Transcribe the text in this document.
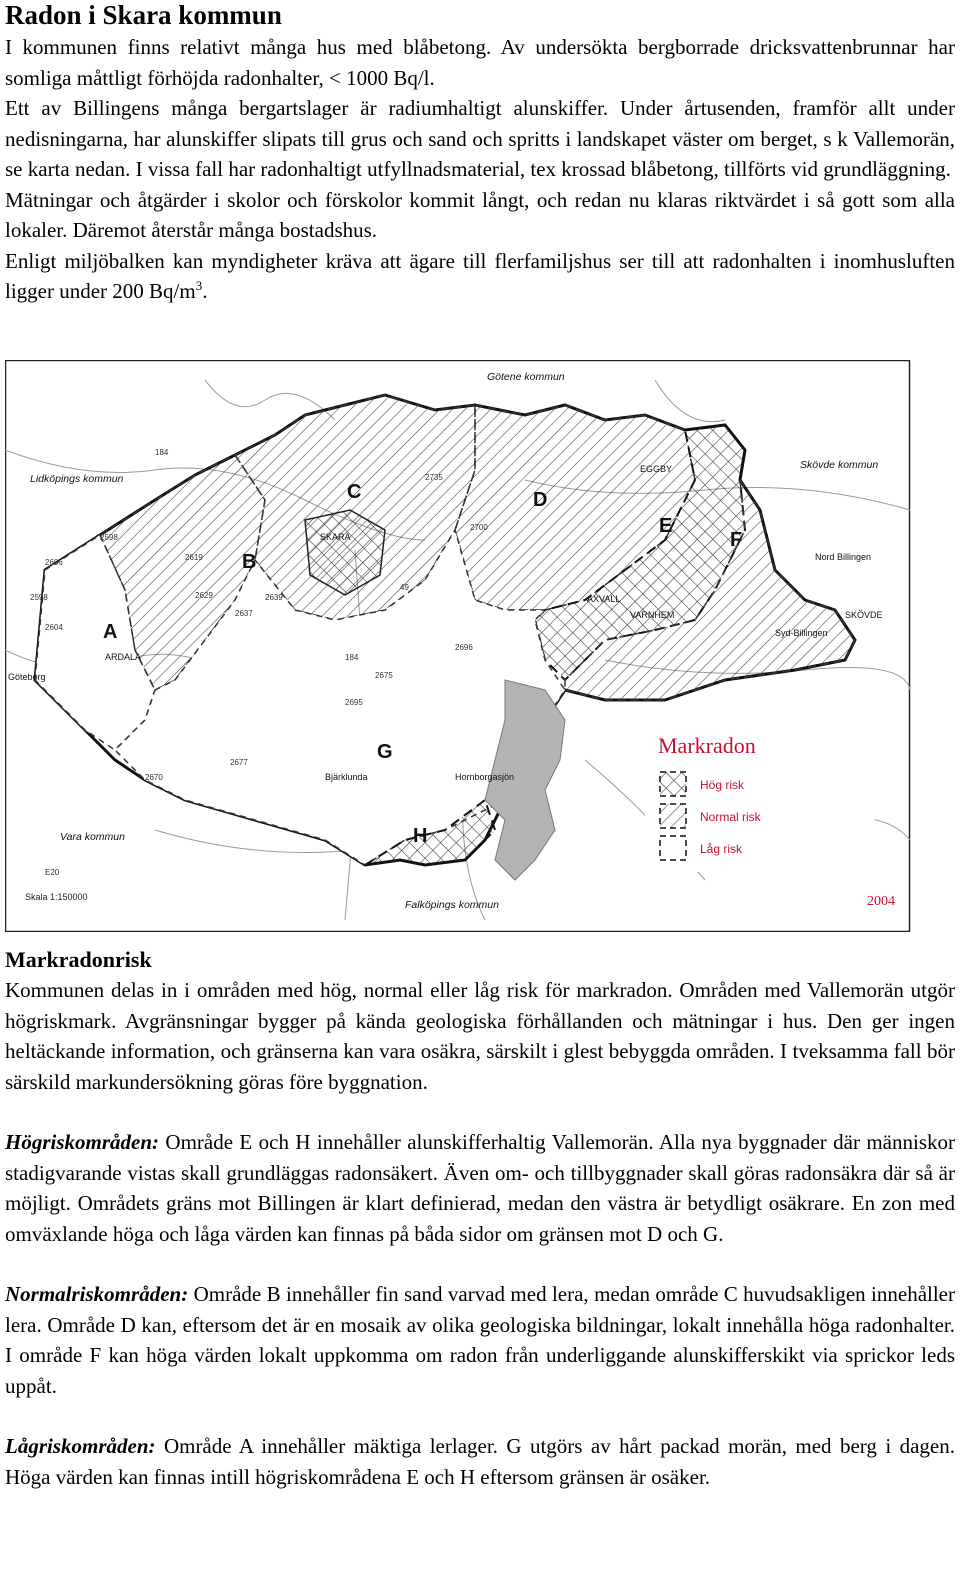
Radon i Skara kommun

I kommunen finns relativt många hus med blåbetong. Av undersökta bergborrade dricksvattenbrunnar har somliga måttligt förhöjda radonhalter, < 1000 Bq/l.

Ett av Billingens många bergartslager är radiumhaltigt alunskiffer. Under årtusenden, framför allt under nedisningarna, har alunskiffer slipats till grus och sand och spritts i landskapet väster om berget, s k Vallemorän, se karta nedan. I vissa fall har radonhaltigt utfyllnadsmaterial, tex krossad blåbetong, tillförts vid grundläggning.

Mätningar och åtgärder i skolor och förskolor kommit långt, och redan nu klaras riktvärdet i så gott som alla lokaler. Däremot återstår många bostadshus.

Enligt miljöbalken kan myndigheter kräva att ägare till flerfamiljshus ser till att radonhalten i inomhusluften ligger under 200 $Bq/m^3$.

A
B
C	D
E
F
G
H
Götene kommun
Lidköpings kommun
Skövde kommun
Vara kommun
Falköpings kommun
SKARA
ARDALA
AXVALL
VARNHEM
EGGBY
SKÖVDE
Nord Billingen
Syd-Billingen
Hornborgasjön
Göteborg
Bjärklunda
184
2606
2598
2604
2670
2677
2695
2675
2696
2700
2639
2637
2629
2619
49
184
2735
E20
2598
Markradon
Hög risk
Normal risk
Låg risk
Skala 1:150000	2004
Markradonrisk

Kommunen delas in i områden med hög, normal eller låg risk för markradon. Områden med Vallemorän utgör högriskmark. Avgränsningar bygger på kända geologiska förhållanden och mätningar i hus. Den ger ingen heltäckande information, och gränserna kan vara osäkra, särskilt i glest bebyggda områden. I tveksamma fall bör särskild markundersökning göras före byggnation.

Högriskområden: Område E och H innehåller alunskifferhaltig Vallemorän. Alla nya byggnader där människor stadigvarande vistas skall grundläggas radonsäkert. Även om- och tillbyggnader skall göras radonsäkra där så är möjligt. Områdets gräns mot Billingen är klart definierad, medan den västra är betydligt osäkrare. En zon med omväxlande höga och låga värden kan finnas på båda sidor om gränsen mot D och G.

Normalriskområden: Område B innehåller fin sand varvad med lera, medan område C huvudsakligen innehåller lera. Område D kan, eftersom det är en mosaik av olika geologiska bildningar, lokalt innehålla höga radonhalter. I område F kan höga värden lokalt uppkomma om radon från underliggande alunskifferskikt via sprickor leds uppåt.

Lågriskområden: Område A innehåller mäktiga lerlager. G utgörs av hårt packad morän, med berg i dagen. Höga värden kan finnas intill högriskområdena E och H eftersom gränsen är osäker.
